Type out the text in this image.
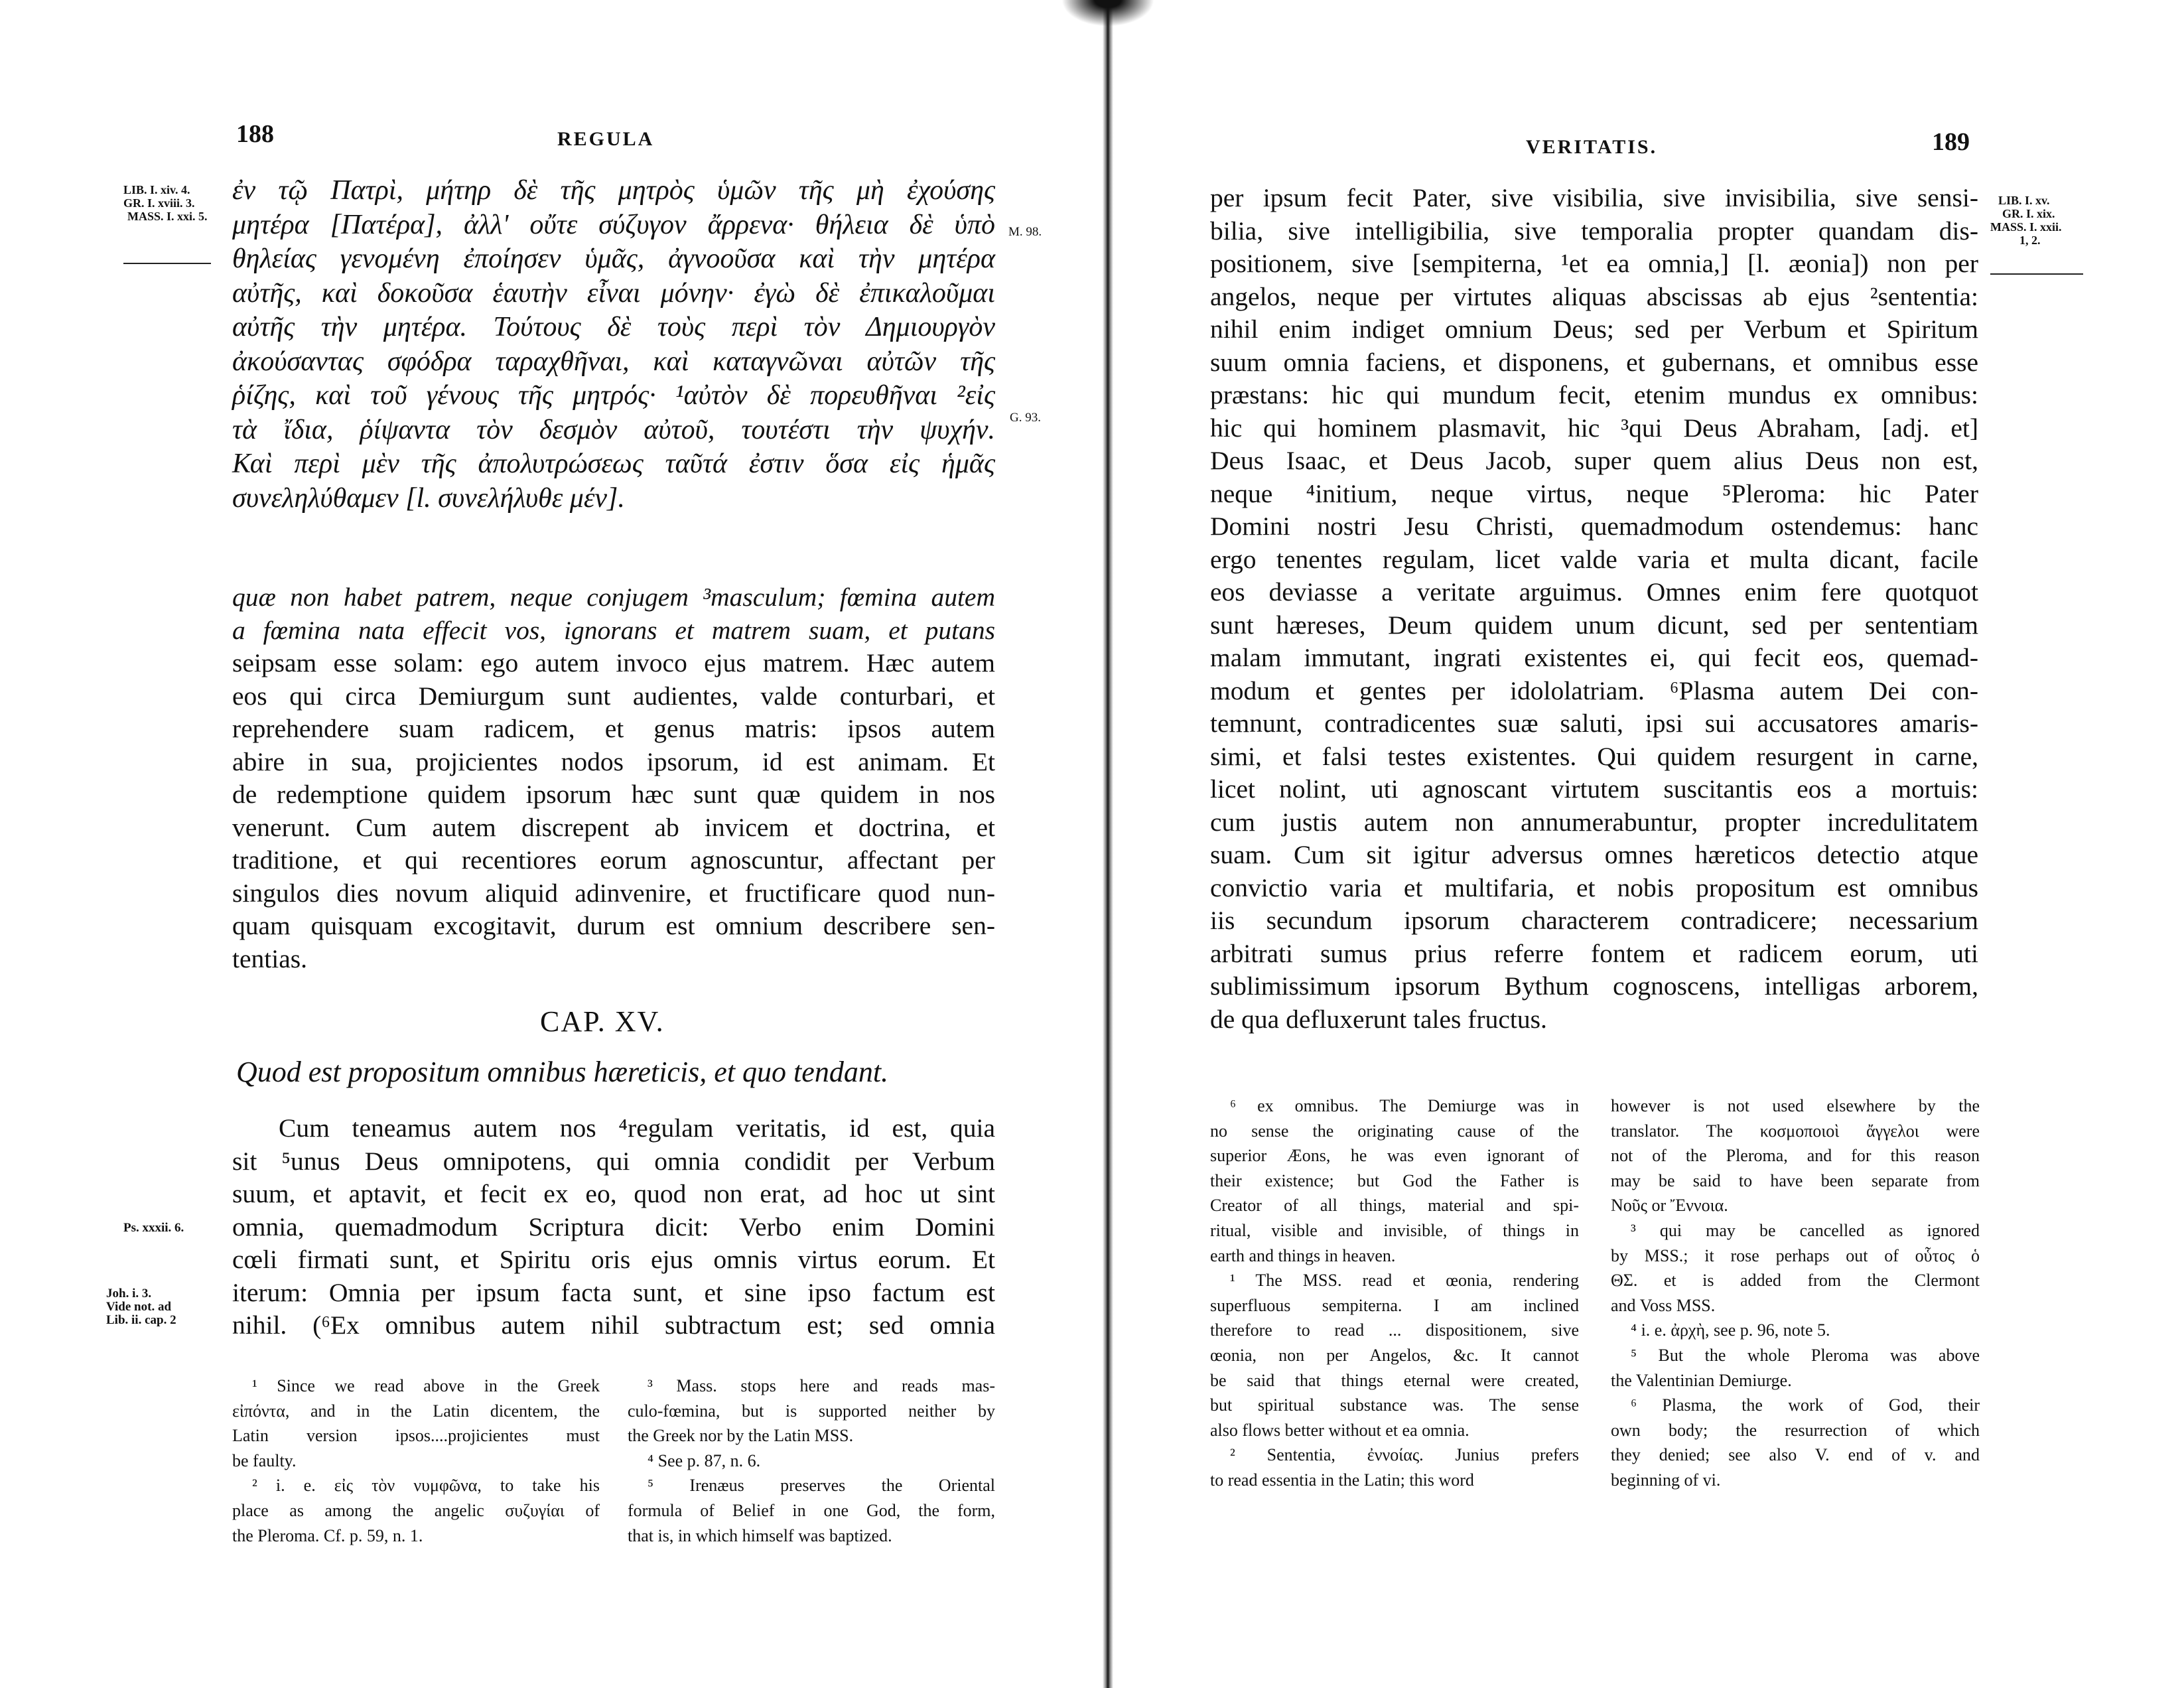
188	REGULA
LIB. I. xiv. 4.
GR. I. xviii. 3.
MASS. I. xxi. 5.
M. 98.
G. 93.
ἐν τῷ Πατρὶ, μήτηρ δὲ τῆς μητρὸς ὑμῶν τῆς μὴ ἐχούσης
μητέρα [Πατέρα], ἀλλ' οὔτε σύζυγον ἄρρενα· θήλεια δὲ ὑπὸ
θηλείας γενομένη ἐποίησεν ὑμᾶς, ἀγνοοῦσα καὶ τὴν μητέρα
αὐτῆς, καὶ δοκοῦσα ἑαυτὴν εἶναι μόνην· ἐγὼ δὲ ἐπικαλοῦμαι
αὐτῆς τὴν μητέρα. Τούτους δὲ τοὺς περὶ τὸν Δημιουργὸν
ἀκούσαντας σφόδρα ταραχθῆναι, καὶ καταγνῶναι αὐτῶν τῆς
ῥίζης, καὶ τοῦ γένους τῆς μητρός· ¹αὐτὸν δὲ πορευθῆναι ²εἰς
τὰ ἴδια, ῥίψαντα τὸν δεσμὸν αὐτοῦ, τουτέστι τὴν ψυχήν.
Καὶ περὶ μὲν τῆς ἀπολυτρώσεως ταῦτά ἐστιν ὅσα εἰς ἡμᾶς
συνεληλύθαμεν [l. συνελήλυθε μέν].
quæ non habet patrem, neque conjugem ³masculum; fœmina autem
a fœmina nata effecit vos, ignorans et matrem suam, et putans
seipsam esse solam: ego autem invoco ejus matrem. Hæc autem
eos qui circa Demiurgum sunt audientes, valde conturbari, et
reprehendere suam radicem, et genus matris: ipsos autem
abire in sua, projicientes nodos ipsorum, id est animam. Et
de redemptione quidem ipsorum hæc sunt quæ quidem in nos
venerunt. Cum autem discrepent ab invicem et doctrina, et
traditione, et qui recentiores eorum agnoscuntur, affectant per
singulos dies novum aliquid adinvenire, et fructificare quod nun-
quam quisquam excogitavit, durum est omnium describere sen-
tentias.
CAP. XV.
Quod est propositum omnibus hæreticis, et quo tendant.
Ps. xxxii. 6.
Joh. i. 3.
Vide not. ad
Lib. ii. cap. 2
Cum teneamus autem nos ⁴regulam veritatis, id est, quia
sit ⁵unus Deus omnipotens, qui omnia condidit per Verbum
suum, et aptavit, et fecit ex eo, quod non erat, ad hoc ut sint
omnia, quemadmodum Scriptura dicit: Verbo enim Domini
cœli firmati sunt, et Spiritu oris ejus omnis virtus eorum. Et
iterum: Omnia per ipsum facta sunt, et sine ipso factum est
nihil. (⁶Ex omnibus autem nihil subtractum est; sed omnia
¹ Since we read above in the Greek
εἰπόντα, and in the Latin dicentem, the
Latin version ipsos....projicientes must
be faulty.
² i. e. εἰς τὸν νυμφῶνα, to take his
place as among the angelic συζυγίαι of
the Pleroma. Cf. p. 59, n. 1.
³ Mass. stops here and reads mas-
culo-fœmina, but is supported neither by
the Greek nor by the Latin MSS.
⁴ See p. 87, n. 6.
⁵ Irenæus preserves the Oriental
formula of Belief in one God, the form,
that is, in which himself was baptized.
VERITATIS.	189
LIB. I. xv.
GR. I. xix.
MASS. I. xxii.
1, 2.
per ipsum fecit Pater, sive visibilia, sive invisibilia, sive sensi-
bilia, sive intelligibilia, sive temporalia propter quandam dis-
positionem, sive [sempiterna, ¹et ea omnia,] [l. æonia]) non per
angelos, neque per virtutes aliquas abscissas ab ejus ²sententia:
nihil enim indiget omnium Deus; sed per Verbum et Spiritum
suum omnia faciens, et disponens, et gubernans, et omnibus esse
præstans: hic qui mundum fecit, etenim mundus ex omnibus:
hic qui hominem plasmavit, hic ³qui Deus Abraham, [adj. et]
Deus Isaac, et Deus Jacob, super quem alius Deus non est,
neque ⁴initium, neque virtus, neque ⁵Pleroma: hic Pater
Domini nostri Jesu Christi, quemadmodum ostendemus: hanc
ergo tenentes regulam, licet valde varia et multa dicant, facile
eos deviasse a veritate arguimus. Omnes enim fere quotquot
sunt hæreses, Deum quidem unum dicunt, sed per sententiam
malam immutant, ingrati existentes ei, qui fecit eos, quemad-
modum et gentes per idololatriam. ⁶Plasma autem Dei con-
temnunt, contradicentes suæ saluti, ipsi sui accusatores amaris-
simi, et falsi testes existentes. Qui quidem resurgent in carne,
licet nolint, uti agnoscant virtutem suscitantis eos a mortuis:
cum justis autem non annumerabuntur, propter incredulitatem
suam. Cum sit igitur adversus omnes hæreticos detectio atque
convictio varia et multifaria, et nobis propositum est omnibus
iis secundum ipsorum characterem contradicere; necessarium
arbitrati sumus prius referre fontem et radicem eorum, uti
sublimissimum ipsorum Bythum cognoscens, intelligas arborem,
de qua defluxerunt tales fructus.
⁶ ex omnibus. The Demiurge was in
no sense the originating cause of the
superior Æons, he was even ignorant of
their existence; but God the Father is
Creator of all things, material and spi-
ritual, visible and invisible, of things in
earth and things in heaven.
¹ The MSS. read et œonia, rendering
superfluous sempiterna. I am inclined
therefore to read ... dispositionem, sive
œonia, non per Angelos, &c. It cannot
be said that things eternal were created,
but spiritual substance was. The sense
also flows better without et ea omnia.
² Sententia, ἐννοίας. Junius prefers
to read essentia in the Latin; this word
however is not used elsewhere by the
translator. The κοσμοποιοὶ ἄγγελοι were
not of the Pleroma, and for this reason
may be said to have been separate from
Νοῦς or Ἔννοια.
³ qui may be cancelled as ignored
by MSS.; it rose perhaps out of οὗτος ὁ
ΘΣ. et is added from the Clermont
and Voss MSS.
⁴ i. e. ἀρχὴ, see p. 96, note 5.
⁵ But the whole Pleroma was above
the Valentinian Demiurge.
⁶ Plasma, the work of God, their
own body; the resurrection of which
they denied; see also V. end of v. and
beginning of vi.
